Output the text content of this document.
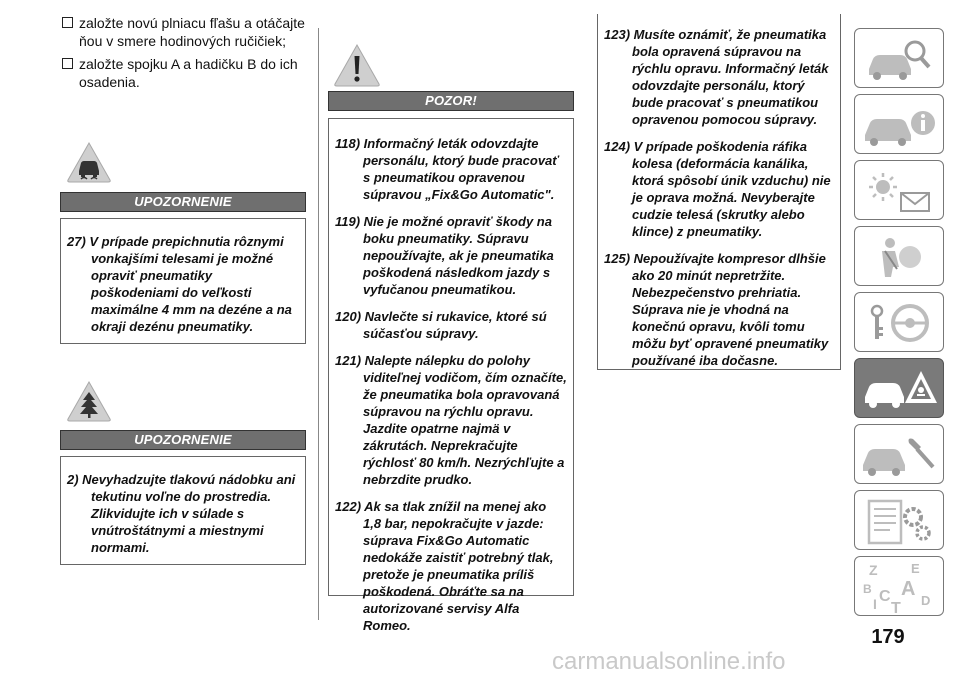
založte novú plniacu fľašu a otáčajte ňou v smere hodinových ručičiek;
založte spojku A a hadičku B do ich osadenia.
UPOZORNENIE

27) V prípade prepichnutia rôznymi vonkajšími telesami je možné opraviť pneumatiky poškodeniami do veľkosti maximálne 4 mm na dezéne a na okraji dezénu pneumatiky.

UPOZORNENIE

2) Nevyhadzujte tlakovú nádobku ani tekutinu voľne do prostredia. Zlikvidujte ich v súlade s vnútroštátnymi a miestnymi normami.

POZOR!

118) Informačný leták odovzdajte personálu, ktorý bude pracovať s pneumatikou opravenou súpravou „Fix&Go Automatic".

119) Nie je možné opraviť škody na boku pneumatiky. Súpravu nepoužívajte, ak je pneumatika poškodená následkom jazdy s vyfučanou pneumatikou.

120) Navlečte si rukavice, ktoré sú súčasťou súpravy.

121) Nalepte nálepku do polohy viditeľnej vodičom, čím označíte, že pneumatika bola opravovaná súpravou na rýchlu opravu. Jazdite opatrne najmä v zákrutách. Neprekračujte rýchlosť 80 km/h. Nezrýchľujte a nebrzdite prudko.

122) Ak sa tlak znížil na menej ako 1,8 bar, nepokračujte v jazde: súprava Fix&Go Automatic nedokáže zaistiť potrebný tlak, pretože je pneumatika príliš poškodená. Obráťte sa na autorizované servisy Alfa Romeo.

123) Musíte oznámiť, že pneumatika bola opravená súpravou na rýchlu opravu. Informačný leták odovzdajte personálu, ktorý bude pracovať s pneumatikou opravenou pomocou súpravy.

124) V prípade poškodenia ráfika kolesa (deformácia kanálika, ktorá spôsobí únik vzduchu) nie je oprava možná. Nevyberajte cudzie telesá (skrutky alebo klince) z pneumatiky.

125) Nepoužívajte kompresor dlhšie ako 20 minút nepretržite. Nebezpečenstvo prehriatia. Súprava nie je vhodná na konečnú opravu, kvôli tomu môžu byť opravené pneumatiky používané iba dočasne.

Z	E
B A
I C
T D
179
carmanualsonline.info
